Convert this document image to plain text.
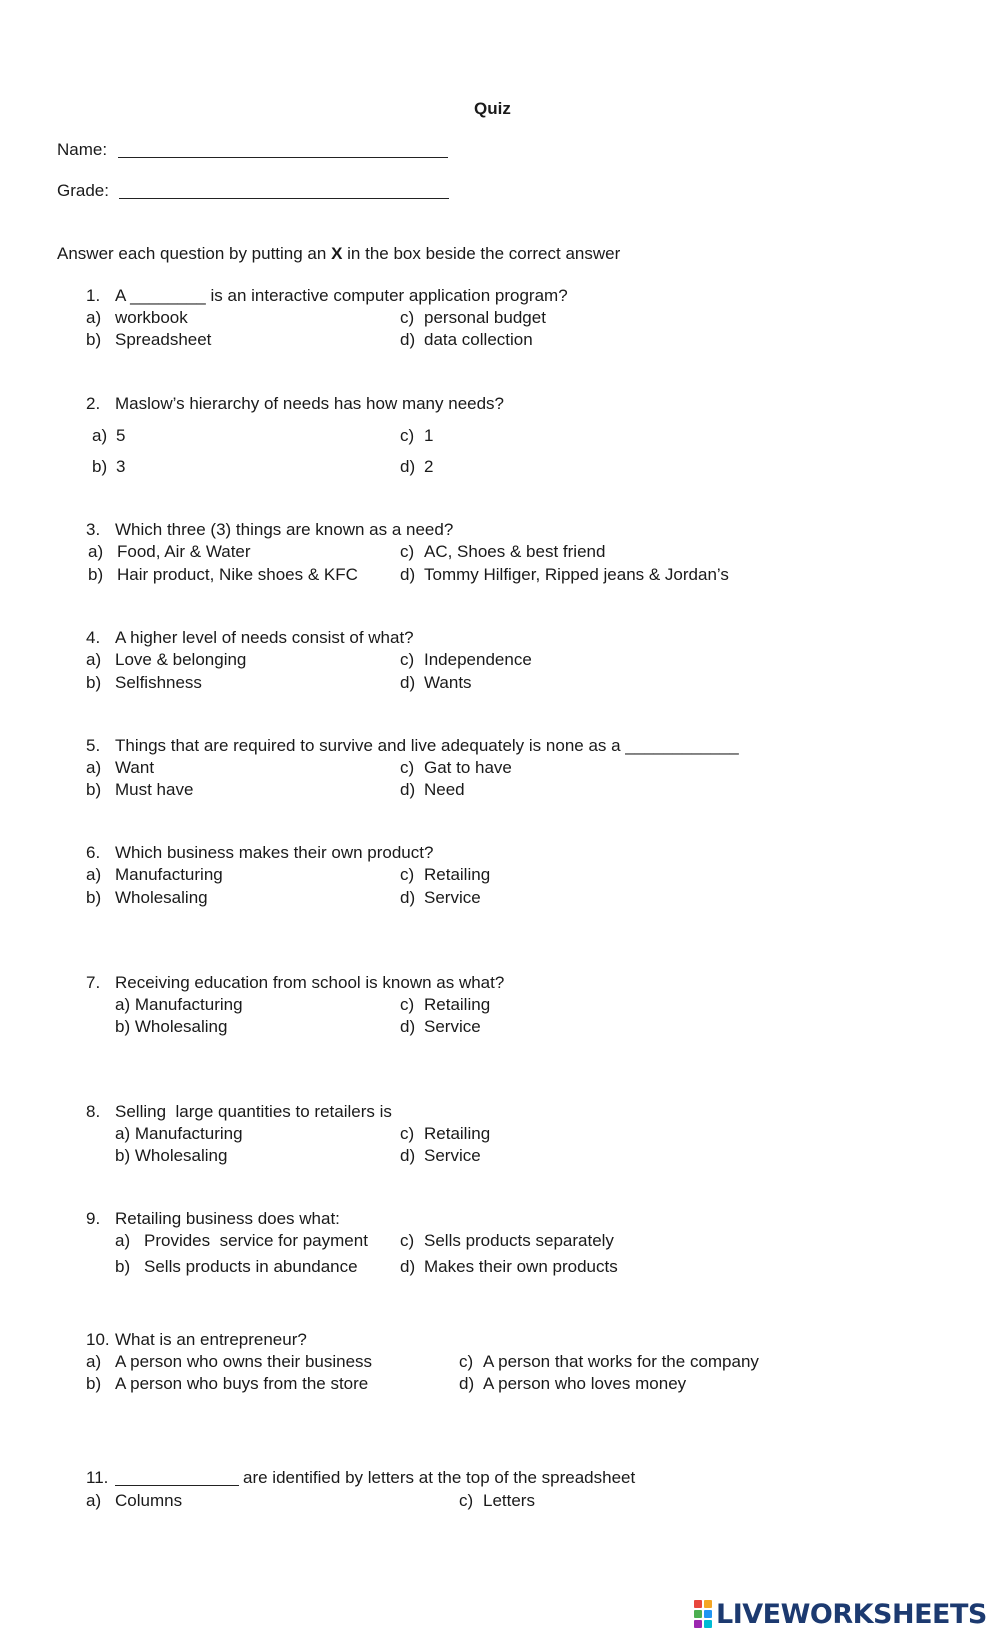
Quiz
Name:
Grade:
Answer each question by putting an X in the box beside the correct answer
1. A ________ is an interactive computer application program?
a) workbook
b) Spreadsheet
c) personal budget
d) data collection
2. Maslow’s hierarchy of needs has how many needs?
a) 5
b) 3
c) 1
d) 2
3. Which three (3) things are known as a need?
a) Food, Air & Water
b) Hair product, Nike shoes & KFC
c) AC, Shoes & best friend
d) Tommy Hilfiger, Ripped jeans & Jordan’s
4. A higher level of needs consist of what?
a) Love & belonging
b) Selfishness
c) Independence
d) Wants
5. Things that are required to survive and live adequately is none as a ____________
a) Want
b) Must have
c) Gat to have
d) Need
6. Which business makes their own product?
a) Manufacturing
b) Wholesaling
c) Retailing
d) Service
7. Receiving education from school is known as what?
a) Manufacturing
b) Wholesaling
c) Retailing
d) Service
8. Selling  large quantities to retailers is
a) Manufacturing
b) Wholesaling
c) Retailing
d) Service
9. Retailing business does what:
a) Provides  service for payment
b) Sells products in abundance
c) Sells products separately
d) Makes their own products
10. What is an entrepreneur?
a) A person who owns their business
b) A person who buys from the store
c) A person that works for the company
d) A person who loves money
11.	are identified by letters at the top of the spreadsheet
a) Columns	c) Letters
LIVEWORKSHEETS
